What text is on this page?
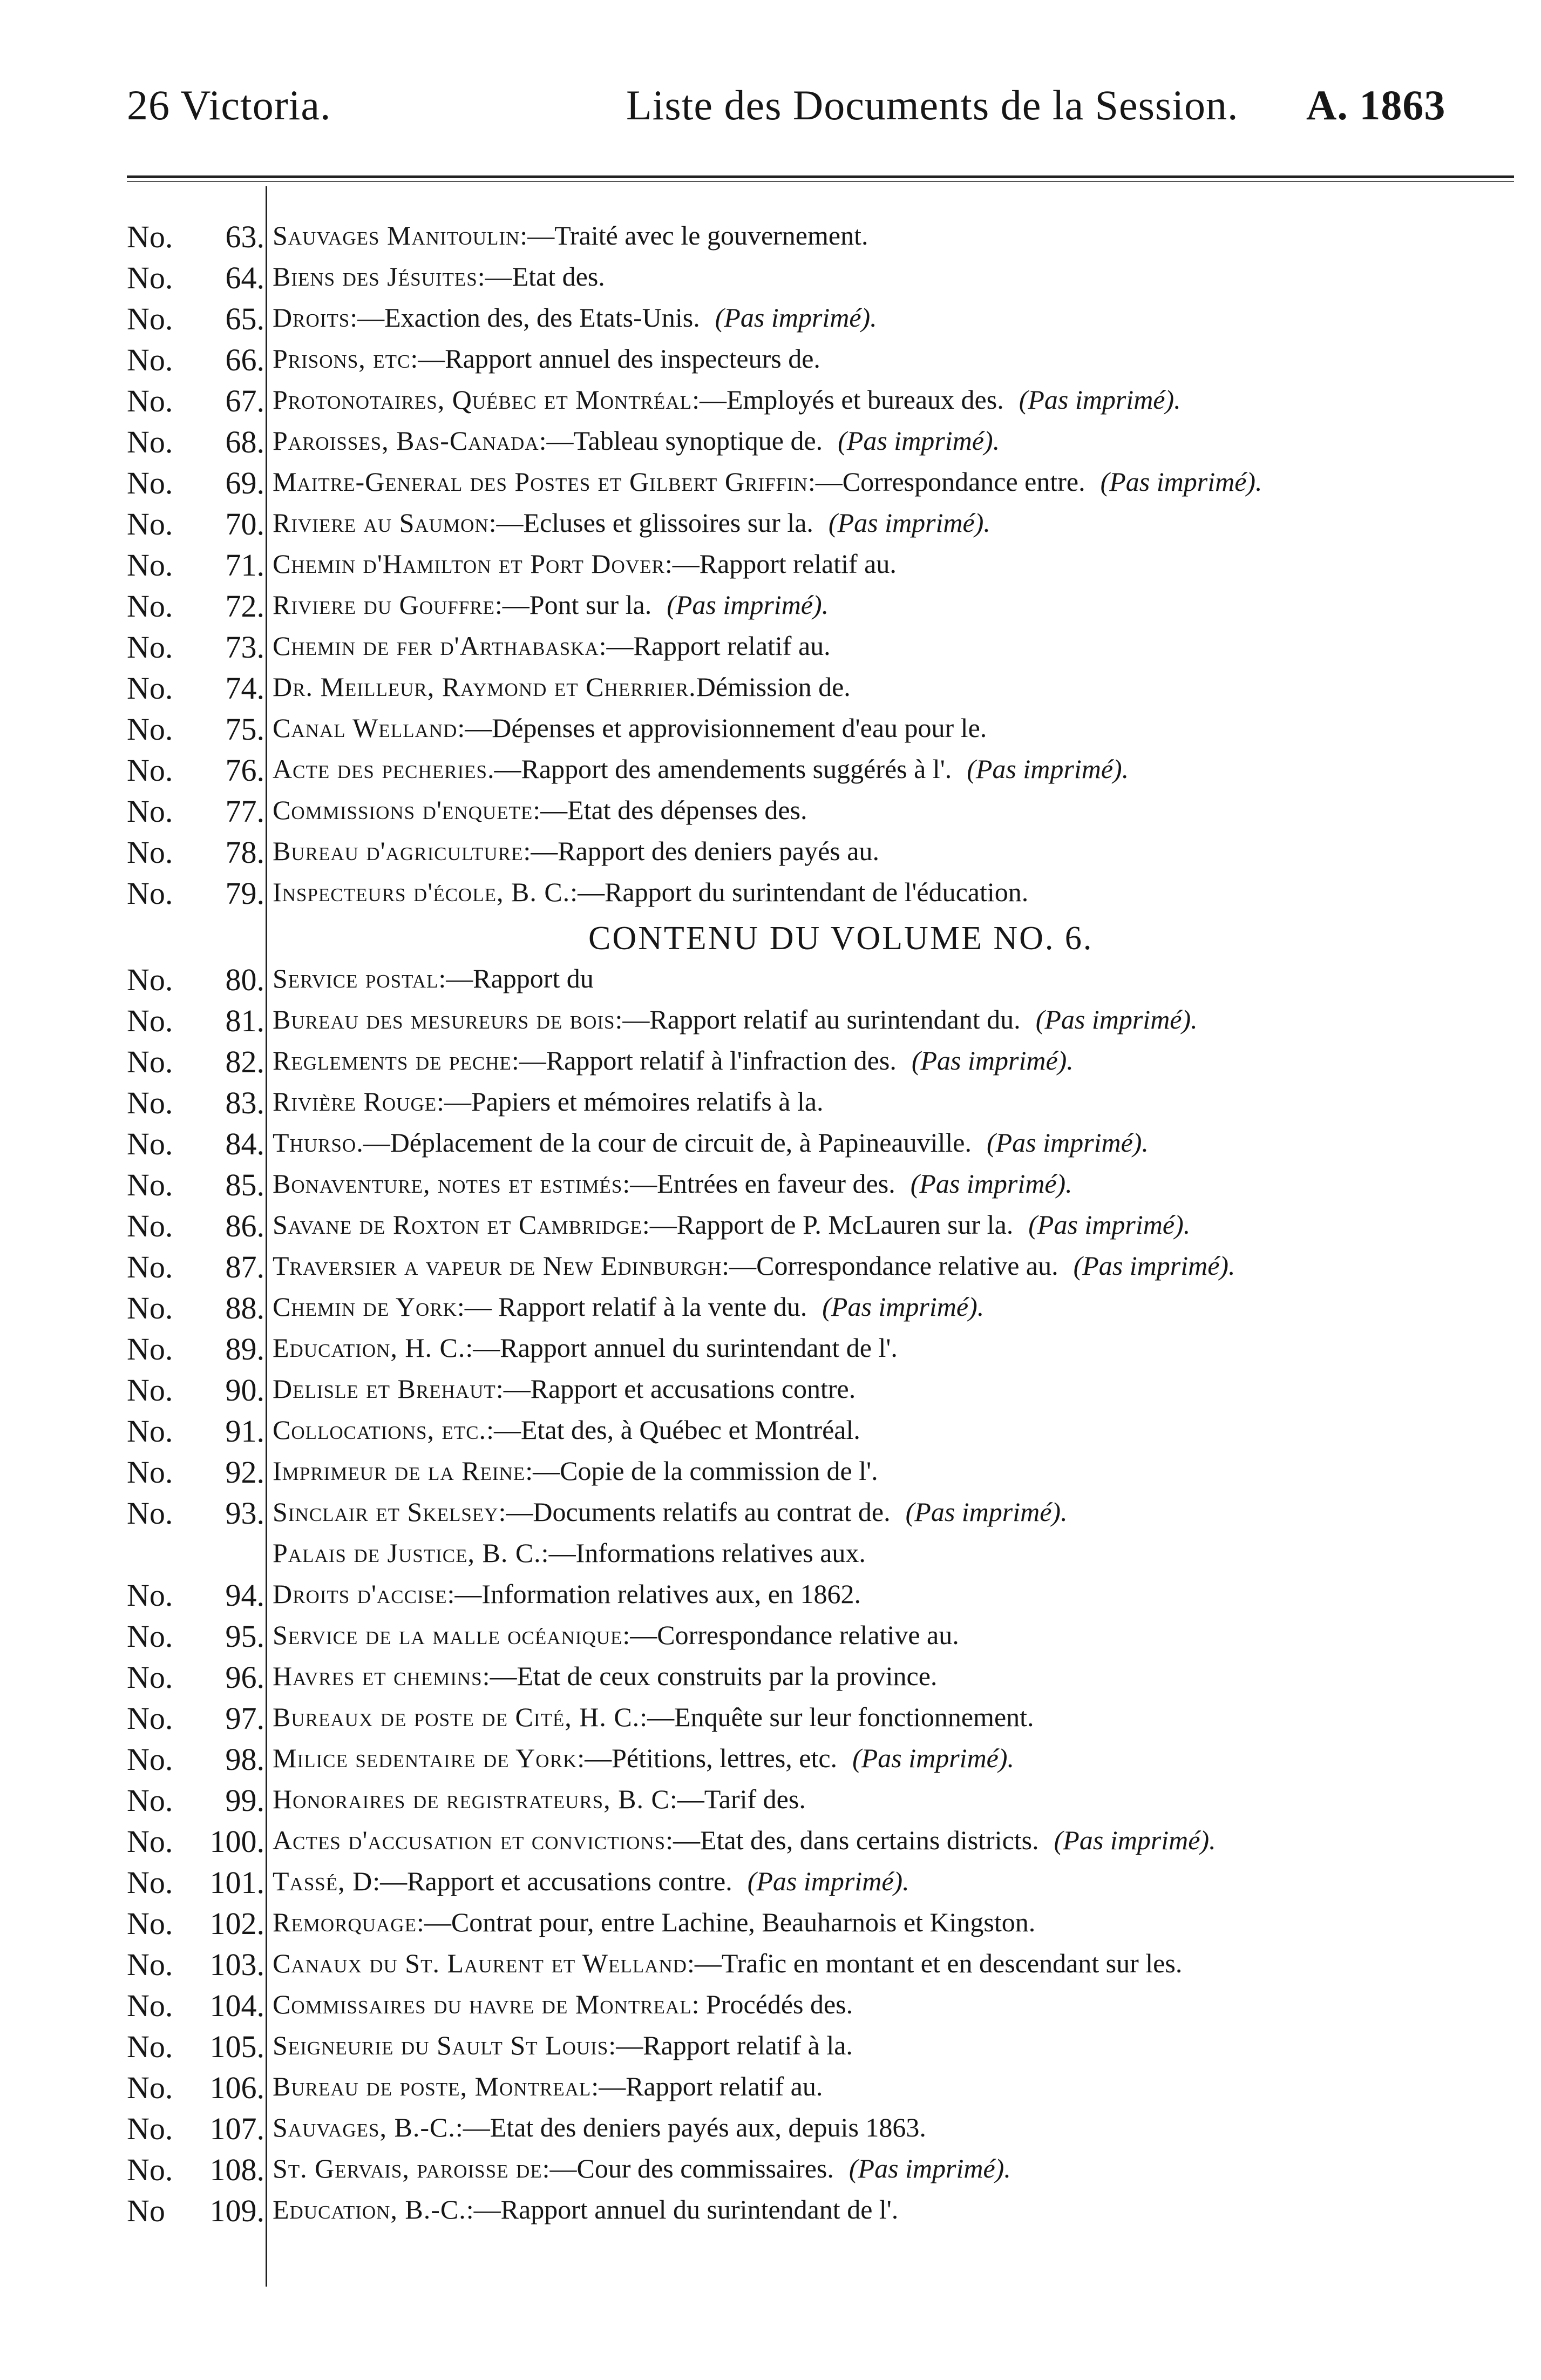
26 Victoria.	Liste des Documents de la Session. A. 1863
No. 63. Sauvages Manitoulin:—Traité avec le gouvernement.
No. 64. Biens des Jésuites:—Etat des.
No. 65. Droits:—Exaction des, des Etats-Unis. (Pas imprimé).
No. 66. Prisons, etc:—Rapport annuel des inspecteurs de.
No. 67. Protonotaires, Québec et Montréal:—Employés et bureaux des. (Pas imprimé).
No. 68. Paroisses, Bas-Canada:—Tableau synoptique de. (Pas imprimé).
No. 69. Maitre-General des Postes et Gilbert Griffin:—Correspondance entre. (Pas imprimé).
No. 70. Riviere au Saumon:—Ecluses et glissoires sur la. (Pas imprimé).
No. 71. Chemin d'Hamilton et Port Dover:—Rapport relatif au.
No. 72. Riviere du Gouffre:—Pont sur la. (Pas imprimé).
No. 73. Chemin de fer d'Arthabaska:—Rapport relatif au.
No. 74. Dr. Meilleur, Raymond et Cherrier.Démission de.
No. 75. Canal Welland:—Dépenses et approvisionnement d'eau pour le.
No. 76. Acte des pecheries.—Rapport des amendements suggérés à l'. (Pas imprimé).
No. 77. Commissions d'enquete:—Etat des dépenses des.
No. 78. Bureau d'agriculture:—Rapport des deniers payés au.
No. 79. Inspecteurs d'école, B. C.:—Rapport du surintendant de l'éducation.
CONTENU DU VOLUME NO. 6.
No. 80. Service postal:—Rapport du
No. 81. Bureau des mesureurs de bois:—Rapport relatif au surintendant du. (Pas imprimé).
No. 82. Reglements de peche:—Rapport relatif à l'infraction des. (Pas imprimé).
No. 83. Rivière Rouge:—Papiers et mémoires relatifs à la.
No. 84. Thurso.—Déplacement de la cour de circuit de, à Papineauville. (Pas imprimé).
No. 85. Bonaventure, notes et estimés:—Entrées en faveur des. (Pas imprimé).
No. 86. Savane de Roxton et Cambridge:—Rapport de P. McLauren sur la. (Pas imprimé).
No. 87. Traversier a vapeur de New Edinburgh:—Correspondance relative au. (Pas imprimé).
No. 88. Chemin de York:— Rapport relatif à la vente du. (Pas imprimé).
No. 89. Education, H. C.:—Rapport annuel du surintendant de l'.
No. 90. Delisle et Brehaut:—Rapport et accusations contre.
No. 91. Collocations, etc.:—Etat des, à Québec et Montréal.
No. 92. Imprimeur de la Reine:—Copie de la commission de l'.
No. 93. Sinclair et Skelsey:—Documents relatifs au contrat de. (Pas imprimé).
Palais de Justice, B. C.:—Informations relatives aux.
No. 94. Droits d'accise:—Information relatives aux, en 1862.
No. 95. Service de la malle océanique:—Correspondance relative au.
No. 96. Havres et chemins:—Etat de ceux construits par la province.
No. 97. Bureaux de poste de Cité, H. C.:—Enquête sur leur fonctionnement.
No. 98. Milice sedentaire de York:—Pétitions, lettres, etc. (Pas imprimé).
No. 99. Honoraires de registrateurs, B. C:—Tarif des.
No. 100. Actes d'accusation et convictions:—Etat des, dans certains districts. (Pas imprimé).
No. 101. Tassé, D:—Rapport et accusations contre. (Pas imprimé).
No. 102. Remorquage:—Contrat pour, entre Lachine, Beauharnois et Kingston.
No. 103. Canaux du St. Laurent et Welland:—Trafic en montant et en descendant sur les.
No. 104. Commissaires du havre de Montreal: Procédés des.
No. 105. Seigneurie du Sault St Louis:—Rapport relatif à la.
No. 106. Bureau de poste, Montreal:—Rapport relatif au.
No. 107. Sauvages, B.-C.:—Etat des deniers payés aux, depuis 1863.
No. 108. St. Gervais, paroisse de:—Cour des commissaires. (Pas imprimé).
No 109. Education, B.-C.:—Rapport annuel du surintendant de l'.
